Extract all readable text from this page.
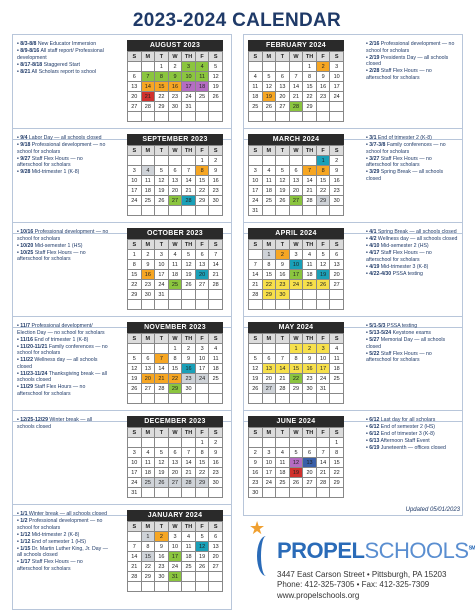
2023-2024 CALENDAR
• 8/3-8/8 New Educator Immersion
• 8/9-8/16 All staff report/ Professional development
• 8/17-8/18 Staggered Start
• 8/21 All Scholars report to school
AUGUST 2023
S	M	T	W	TH	F	S
		1	2	3	4	5
6	7	8	9	10	11	12
13	14	15	16	17	18	19
20	21	22	23	24	25	26
27	28	29	30	31		

• 2/16 Professional development — no school for scholars
• 2/19 Presidents Day — all schools closed
• 2/28 Staff Flex Hours — no afterschool for scholars
FEBRUARY 2024
S	M	T	W	TH	F	S
				1	2	3
4	5	6	7	8	9	10
11	12	13	14	15	16	17
18	19	20	21	22	23	24
25	26	27	28	29		

• 9/4 Labor Day — all schools closed
• 9/18 Professional development — no school for scholars
• 9/27 Staff Flex Hours — no afterschool for scholars
• 9/28 Mid-trimester 1 (K-8)
SEPTEMBER 2023
S	M	T	W	TH	F	S
					1	2
3	4	5	6	7	8	9
10	11	12	13	14	15	16
17	18	19	20	21	22	23
24	25	26	27	28	29	30

• 3/1 End of trimester 2 (K-8)
• 3/7-3/8 Family conferences — no school for scholars
• 3/27 Staff Flex Hours — no afterschool for scholars
• 3/29 Spring Break — all schools closed
MARCH 2024
S	M	T	W	TH	F	S
					1	2
3	4	5	6	7	8	9
10	11	12	13	14	15	16
17	18	19	20	21	22	23
24	25	26	27	28	29	30
31						
• 10/16 Professional development — no school for scholars
• 10/20 Mid-semester 1 (HS)
• 10/25 Staff Flex Hours — no afterschool for scholars
OCTOBER 2023
S	M	T	W	TH	F	S
1	2	3	4	5	6	7
8	9	10	11	12	13	14
15	16	17	18	19	20	21
22	23	24	25	26	27	28
29	30	31				

• 4/1 Spring Break — all schools closed
• 4/2 Wellness day — all schools closed
• 4/10 Mid-semester 2 (HS)
• 4/17 Staff Flex Hours — no afterschool for scholars
• 4/19 Mid-trimester 3 (K-8)
• 4/22-4/30 PSSA testing
APRIL 2024
S	M	T	W	TH	F	S
	1	2	3	4	5	6
7	8	9	10	11	12	13
14	15	16	17	18	19	20
21	22	23	24	25	26	27
28	29	30				

• 11/7 Professional development/ Election Day — no school for scholars
• 11/16 End of trimester 1 (K-8)
• 11/20-11/21 Family conferences — no school for scholars
• 11/22 Wellness day — all schools closed
• 11/23-11/24 Thanksgiving break — all schools closed
• 11/29 Staff Flex Hours — no afterschool for scholars
NOVEMBER 2023
S	M	T	W	TH	F	S
			1	2	3	4
5	6	7	8	9	10	11
12	13	14	15	16	17	18
19	20	21	22	23	24	25
26	27	28	29	30		

• 5/1-5/3 PSSA testing
• 5/13-5/24 Keystone exams
• 5/27 Memorial Day — all schools closed
• 5/22 Staff Flex Hours — no afterschool for scholars
MAY 2024
S	M	T	W	TH	F	S
			1	2	3	4
5	6	7	8	9	10	11
12	13	14	15	16	17	18
19	20	21	22	23	24	25
26	27	28	29	30	31	

• 12/25-12/29 Winter break — all schools closed
DECEMBER 2023
S	M	T	W	TH	F	S
					1	2
3	4	5	6	7	8	9
10	11	12	13	14	15	16
17	18	19	20	21	22	23
24	25	26	27	28	29	30
31						
• 6/12 Last day for all scholars
• 6/12 End of semester 2 (HS)
• 6/12 End of trimester 3 (K-8)
• 6/13 Afternoon Staff Event
• 6/19 Juneteenth — offices closed
JUNE 2024
S	M	T	W	TH	F	S
						1
2	3	4	5	6	7	8
9	10	11	12	13	14	15
16	17	18	19	20	21	22
23	24	25	26	27	28	29
30						
• 1/1 Winter break — all schools closed
• 1/2 Professional development — no school for scholars
• 1/12 Mid-trimester 2 (K-8)
• 1/12 End of semester 1 (HS)
• 1/15 Dr. Martin Luther King, Jr. Day — all schools closed
• 1/17 Staff Flex Hours — no afterschool for scholars
JANUARY 2024
S	M	T	W	TH	F	S
	1	2	3	4	5	6
7	8	9	10	11	12	13
14	15	16	17	18	19	20
21	22	23	24	25	26	27
28	29	30	31			

Updated 05/01/2023
★
PROPELSCHOOLS℠
3447 East Carson Street • Pittsburgh, PA 15203
Phone: 412-325-7305 • Fax: 412-325-7309
www.propelschools.org
